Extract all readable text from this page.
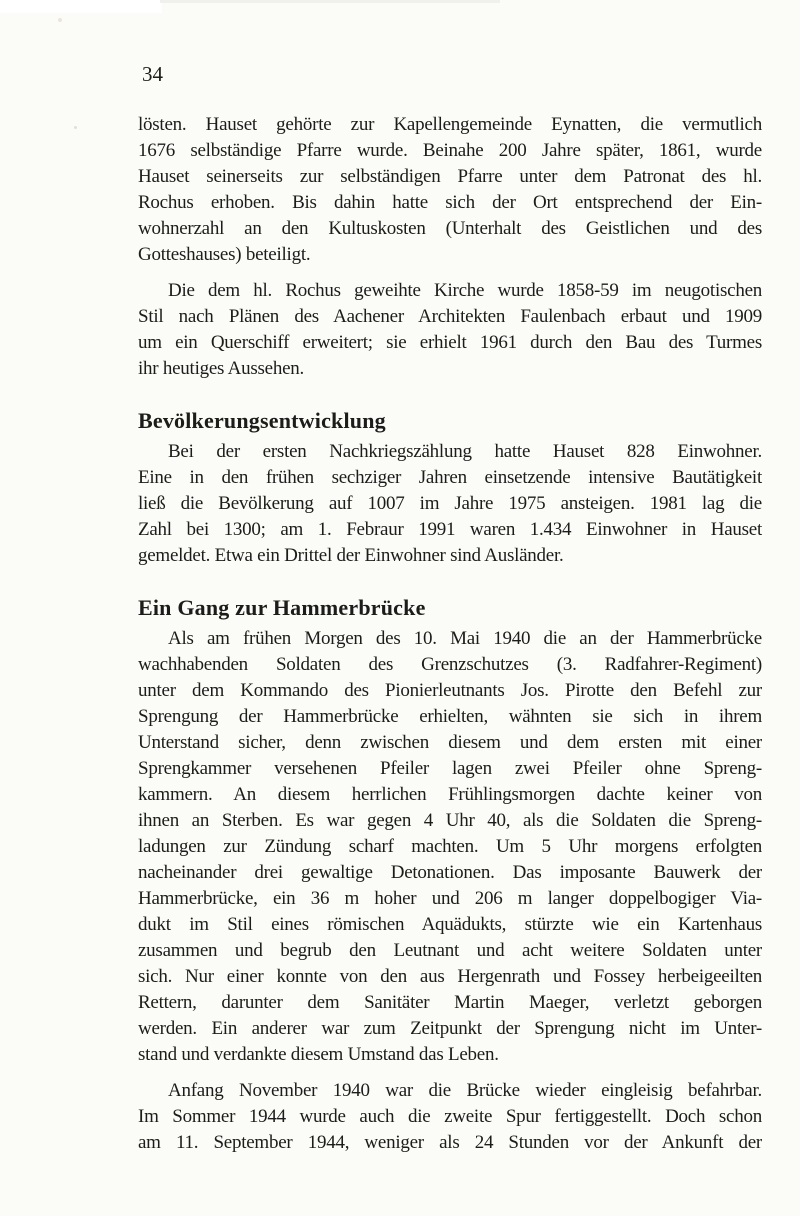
34
lösten. Hauset gehörte zur Kapellengemeinde Eynatten, die vermutlich
1676 selbständige Pfarre wurde. Beinahe 200 Jahre später, 1861, wurde
Hauset seinerseits zur selbständigen Pfarre unter dem Patronat des hl.
Rochus erhoben. Bis dahin hatte sich der Ort entsprechend der Ein-
wohnerzahl an den Kultuskosten (Unterhalt des Geistlichen und des
Gotteshauses) beteiligt.
Die dem hl. Rochus geweihte Kirche wurde 1858-59 im neugotischen
Stil nach Plänen des Aachener Architekten Faulenbach erbaut und 1909
um ein Querschiff erweitert; sie erhielt 1961 durch den Bau des Turmes
ihr heutiges Aussehen.
Bevölkerungsentwicklung
Bei der ersten Nachkriegszählung hatte Hauset 828 Einwohner.
Eine in den frühen sechziger Jahren einsetzende intensive Bautätigkeit
ließ die Bevölkerung auf 1007 im Jahre 1975 ansteigen. 1981 lag die
Zahl bei 1300; am 1. Febraur 1991 waren 1.434 Einwohner in Hauset
gemeldet. Etwa ein Drittel der Einwohner sind Ausländer.
Ein Gang zur Hammerbrücke
Als am frühen Morgen des 10. Mai 1940 die an der Hammerbrücke
wachhabenden Soldaten des Grenzschutzes (3. Radfahrer-Regiment)
unter dem Kommando des Pionierleutnants Jos. Pirotte den Befehl zur
Sprengung der Hammerbrücke erhielten, wähnten sie sich in ihrem
Unterstand sicher, denn zwischen diesem und dem ersten mit einer
Sprengkammer versehenen Pfeiler lagen zwei Pfeiler ohne Spreng-
kammern. An diesem herrlichen Frühlingsmorgen dachte keiner von
ihnen an Sterben. Es war gegen 4 Uhr 40, als die Soldaten die Spreng-
ladungen zur Zündung scharf machten. Um 5 Uhr morgens erfolgten
nacheinander drei gewaltige Detonationen. Das imposante Bauwerk der
Hammerbrücke, ein 36 m hoher und 206 m langer doppelbogiger Via-
dukt im Stil eines römischen Aquädukts, stürzte wie ein Kartenhaus
zusammen und begrub den Leutnant und acht weitere Soldaten unter
sich. Nur einer konnte von den aus Hergenrath und Fossey herbeigeeilten
Rettern, darunter dem Sanitäter Martin Maeger, verletzt geborgen
werden. Ein anderer war zum Zeitpunkt der Sprengung nicht im Unter-
stand und verdankte diesem Umstand das Leben.
Anfang November 1940 war die Brücke wieder eingleisig befahrbar.
Im Sommer 1944 wurde auch die zweite Spur fertiggestellt. Doch schon
am 11. September 1944, weniger als 24 Stunden vor der Ankunft der
